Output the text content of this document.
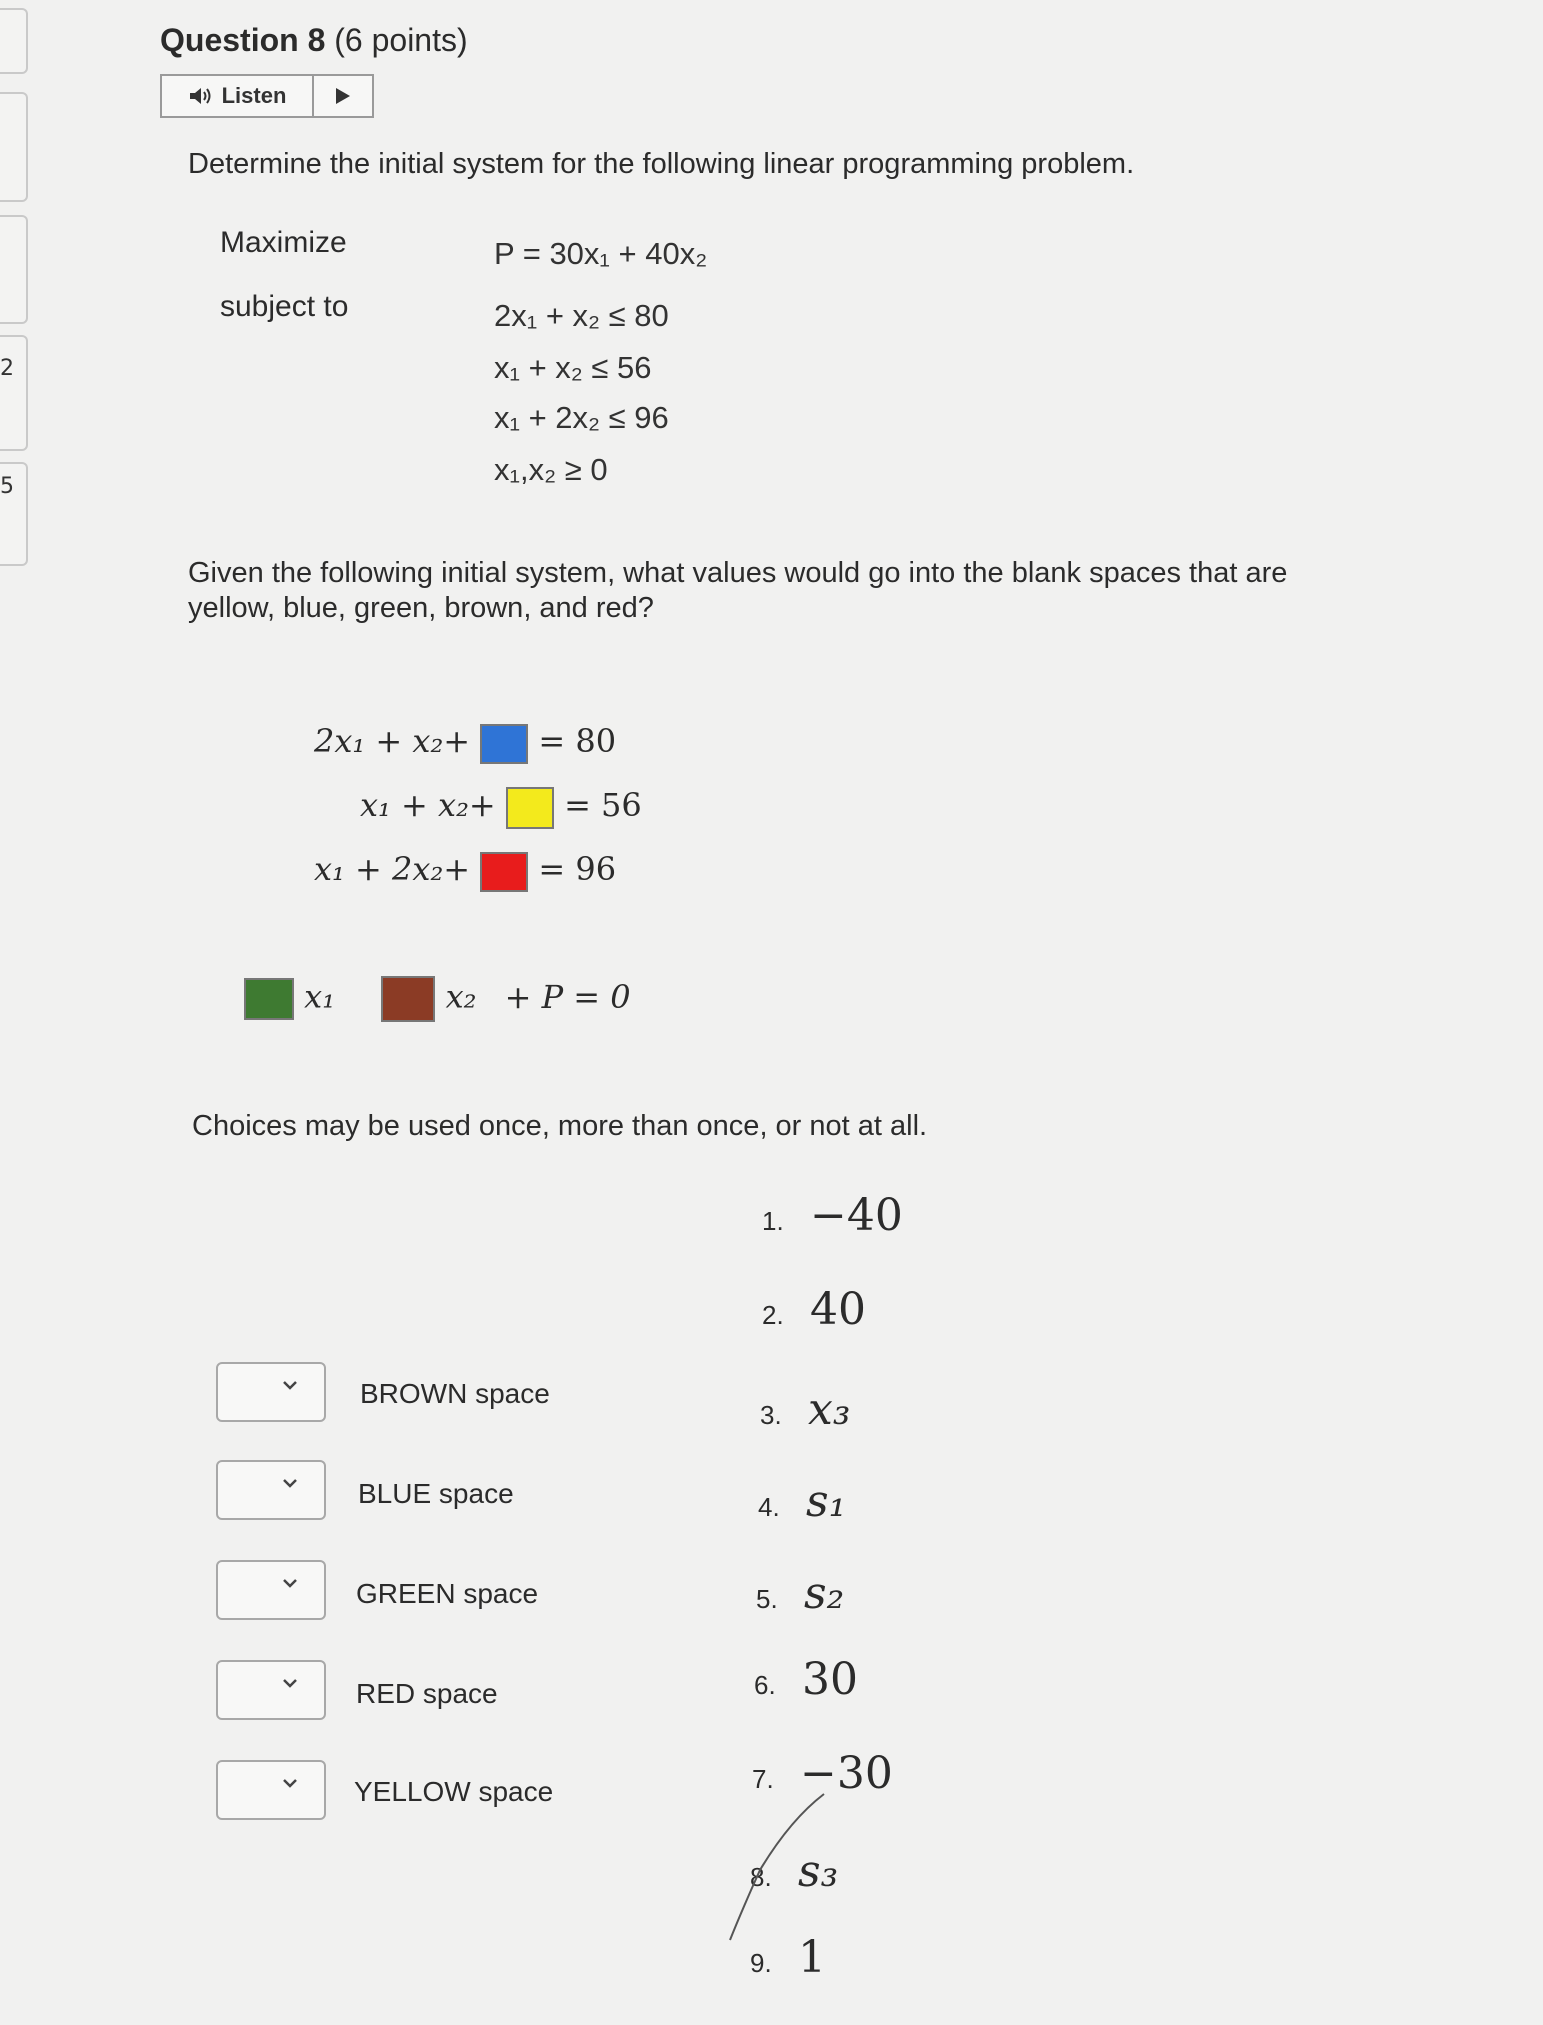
2
5
Question 8 (6 points)
Listen
Determine the initial system for the following linear programming problem.
Maximize
subject to
P = 30x₁ + 40x₂
2x₁ + x₂ ≤ 80
x₁ + x₂ ≤ 56
x₁ + 2x₂ ≤ 96
x₁,x₂ ≥ 0
Given the following initial system, what values would go into the blank spaces that are yellow, blue, green, brown, and red?
2x₁ + x₂+ = 80
x₁ + x₂+ = 56
x₁ + 2x₂+ = 96
x₁	x₂ + P = 0
Choices may be used once, more than once, or not at all.
BROWN space
BLUE space
GREEN space
RED space
YELLOW space
1. −40
2. 40
3. x₃
4. s₁
5. s₂
6. 30
7. −30
8. s₃
9. 1
